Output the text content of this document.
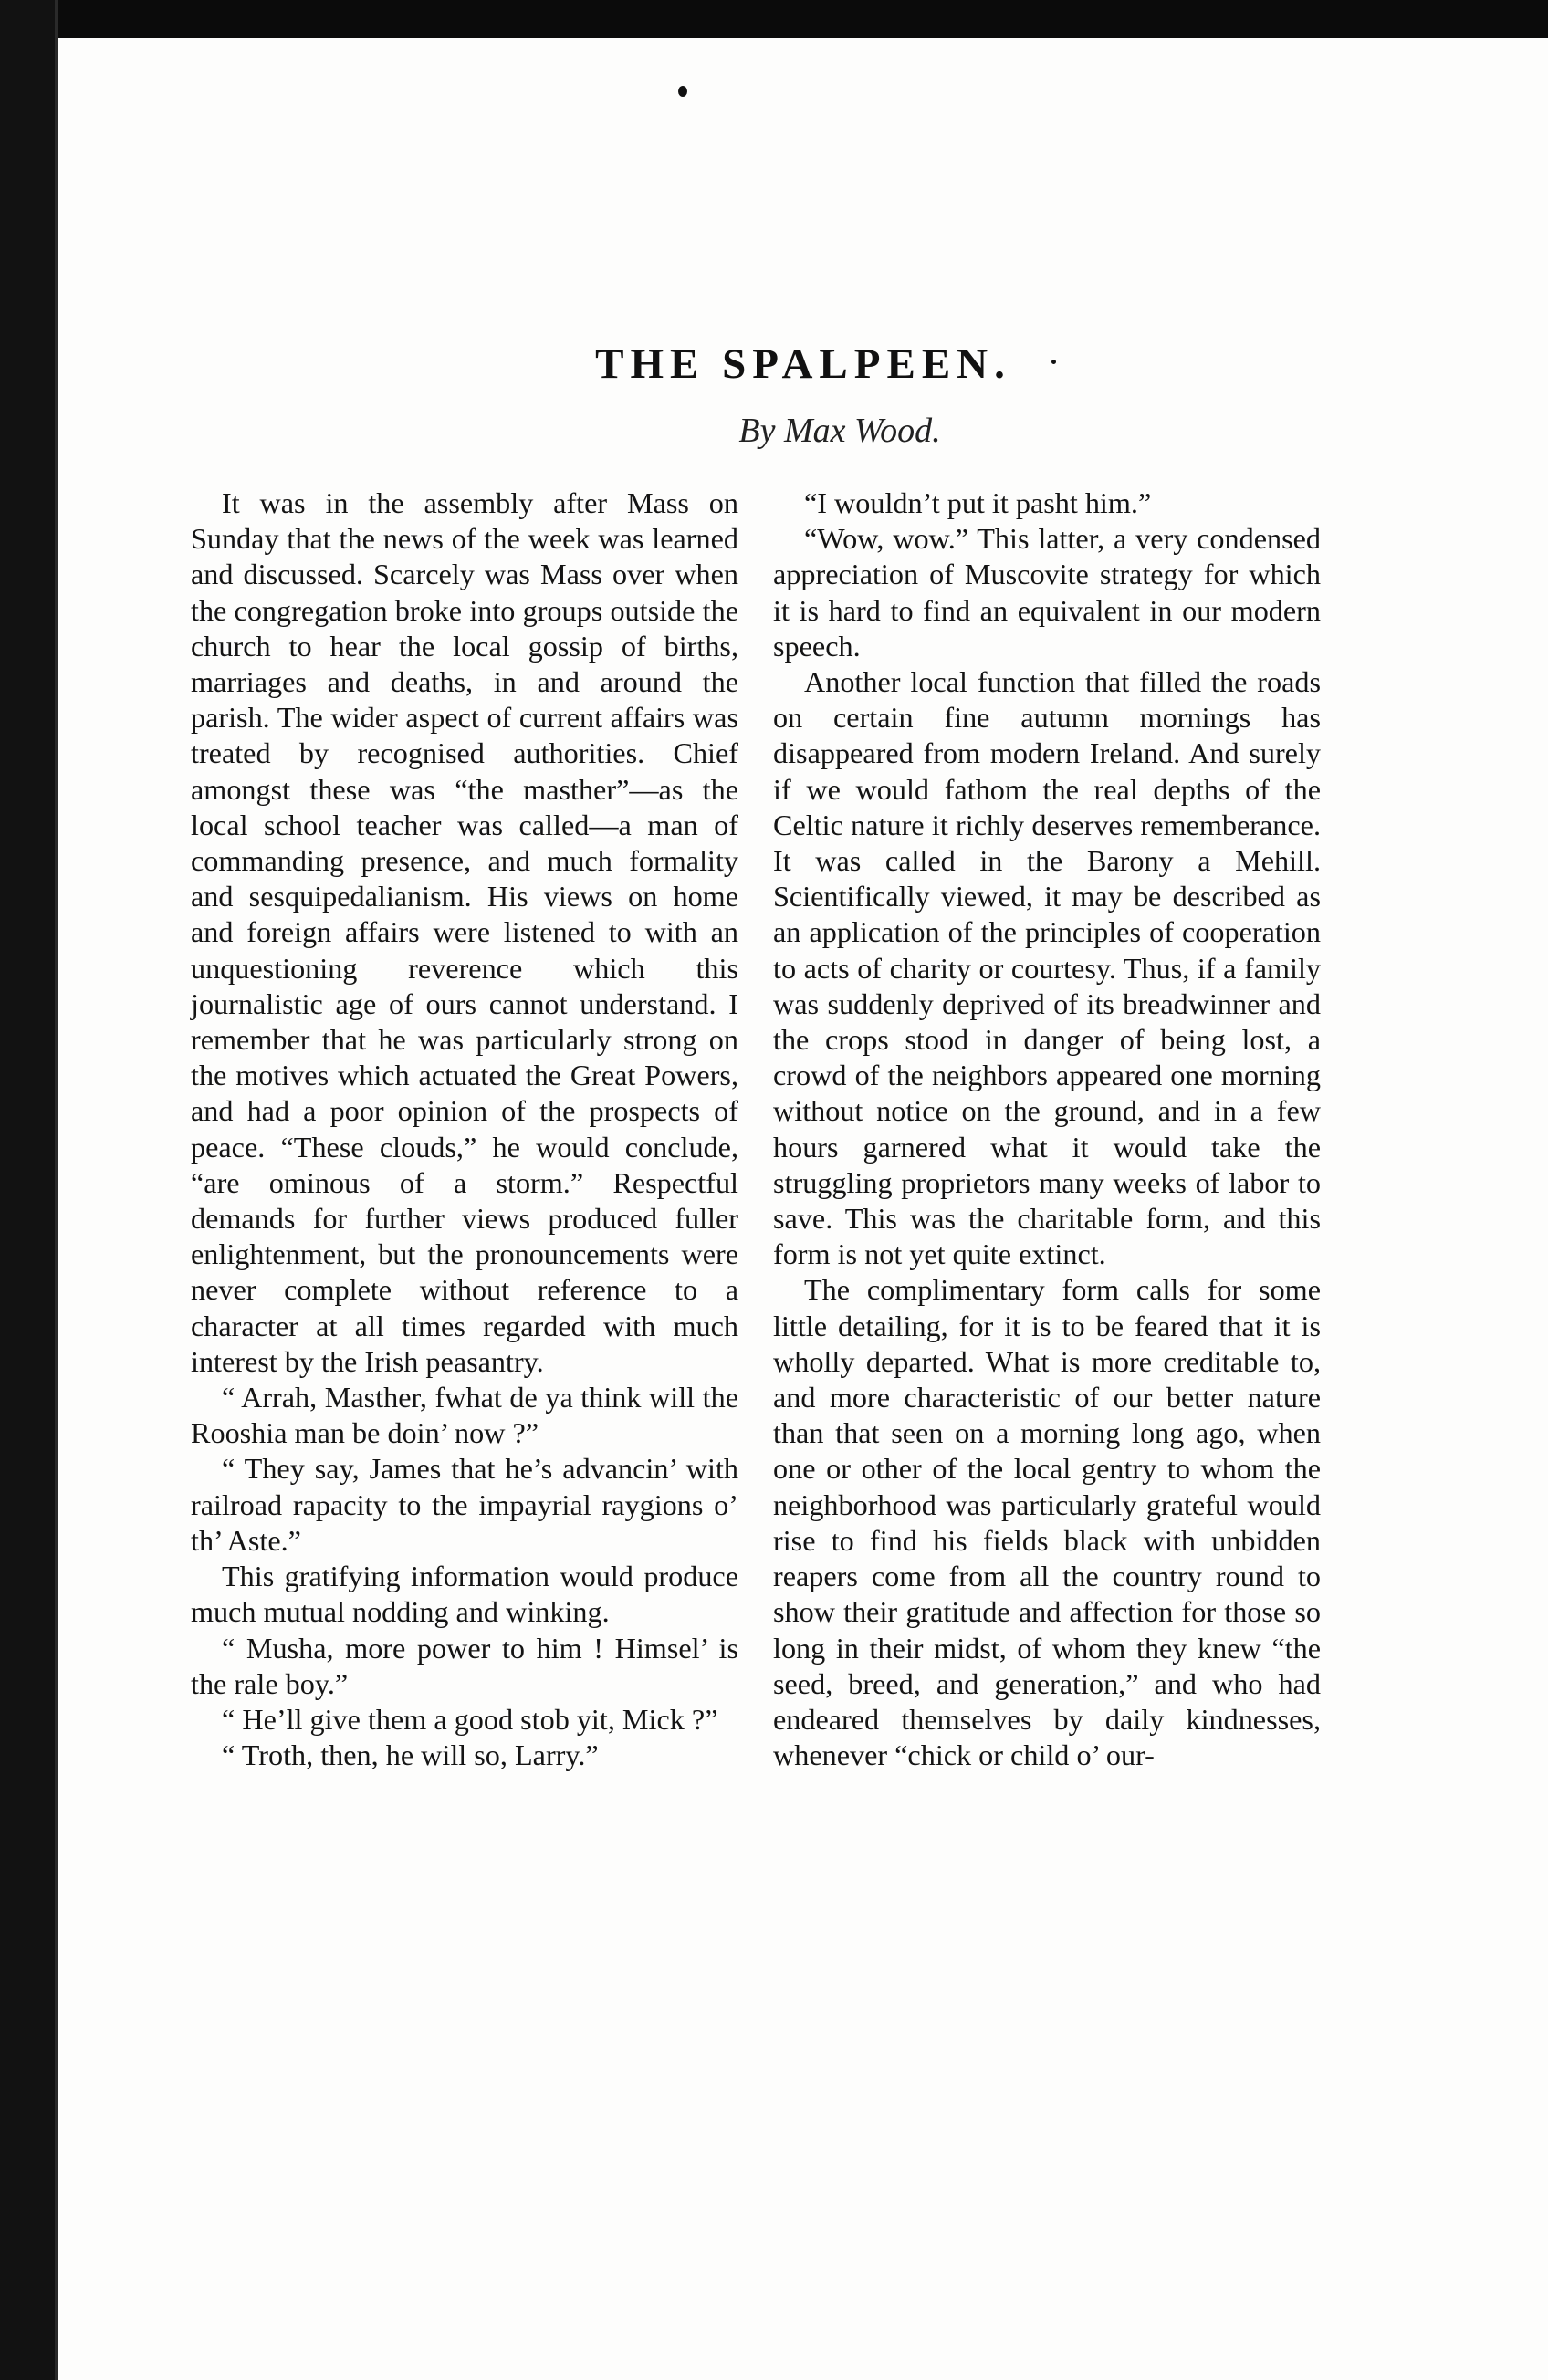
THE SPALPEEN.
By Max Wood.

It was in the assembly after Mass on Sunday that the news of the week was learned and discussed. Scarcely was Mass over when the congregation broke into groups outside the church to hear the local gossip of births, marriages and deaths, in and around the parish. The wider aspect of current affairs was treated by recognised authorities. Chief amongst these was “the masther”—as the local school teacher was called—a man of commanding presence, and much formality and sesquipedalianism. His views on home and foreign affairs were listened to with an unquestioning reverence which this journalistic age of ours cannot understand. I remember that he was particularly strong on the motives which actuated the Great Powers, and had a poor opinion of the prospects of peace. “These clouds,” he would conclude, “are ominous of a storm.” Respectful demands for further views produced fuller enlightenment, but the pronouncements were never complete without reference to a character at all times regarded with much interest by the Irish peasantry.

“ Arrah, Masther, fwhat de ya think will the Rooshia man be doin’ now ?”

“ They say, James that he’s advancin’ with railroad rapacity to the impayrial raygions o’ th’ Aste.”

This gratifying information would produce much mutual nodding and winking.

“ Musha, more power to him ! Himsel’ is the rale boy.”

“ He’ll give them a good stob yit, Mick ?”

“ Troth, then, he will so, Larry.”

“I wouldn’t put it pasht him.”

“Wow, wow.” This latter, a very condensed appreciation of Muscovite strategy for which it is hard to find an equivalent in our modern speech.

Another local function that filled the roads on certain fine autumn mornings has disappeared from modern Ireland. And surely if we would fathom the real depths of the Celtic nature it richly deserves rememberance. It was called in the Barony a Mehill. Scientifically viewed, it may be described as an application of the principles of cooperation to acts of charity or courtesy. Thus, if a family was suddenly deprived of its breadwinner and the crops stood in danger of being lost, a crowd of the neighbors appeared one morning without notice on the ground, and in a few hours garnered what it would take the struggling proprietors many weeks of labor to save. This was the charitable form, and this form is not yet quite extinct.

The complimentary form calls for some little detailing, for it is to be feared that it is wholly departed. What is more creditable to, and more characteristic of our better nature than that seen on a morning long ago, when one or other of the local gentry to whom the neighborhood was particularly grateful would rise to find his fields black with unbidden reapers come from all the country round to show their gratitude and affection for those so long in their midst, of whom they knew “the seed, breed, and generation,” and who had endeared themselves by daily kindnesses, whenever “chick or child o’ our-
